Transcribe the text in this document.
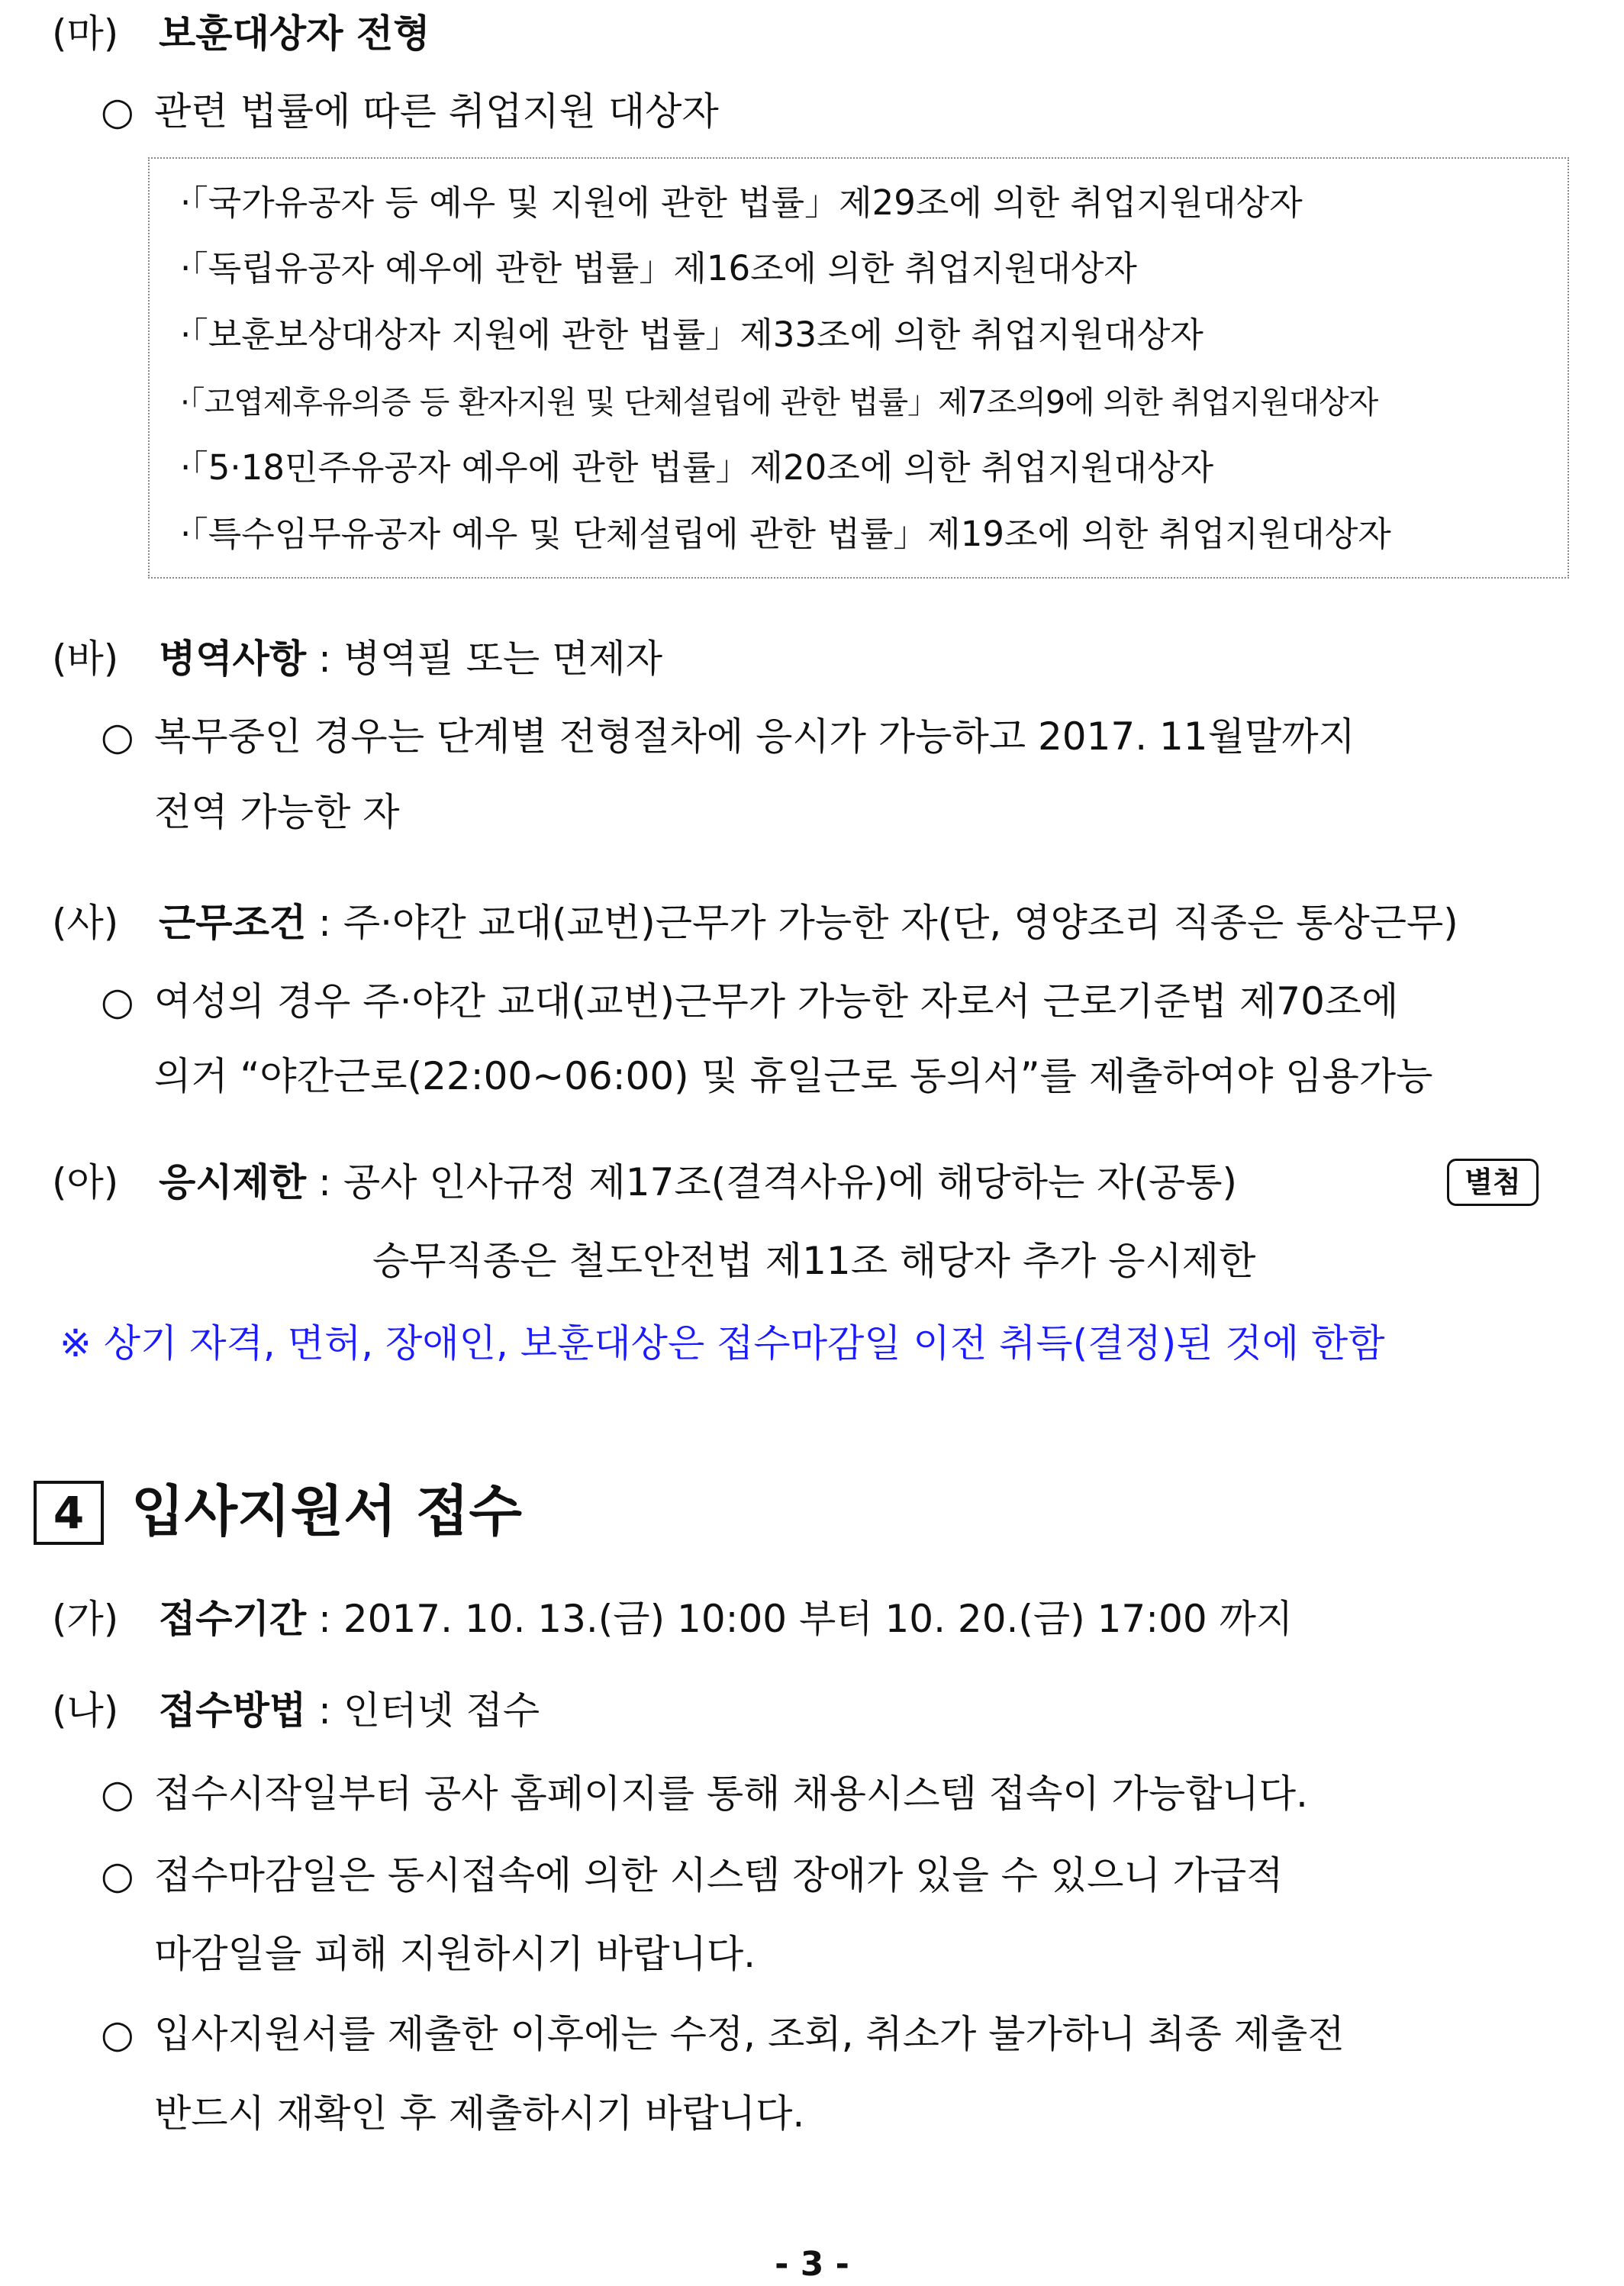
(마) 보훈대상자 전형
○ 관련 법률에 따른 취업지원 대상자
·「국가유공자 등 예우 및 지원에 관한 법률」제29조에 의한 취업지원대상자
·「독립유공자 예우에 관한 법률」제16조에 의한 취업지원대상자
·「보훈보상대상자 지원에 관한 법률」제33조에 의한 취업지원대상자
·「고엽제후유의증 등 환자지원 및 단체설립에 관한 법률」제7조의9에 의한 취업지원대상자
·「5·18민주유공자 예우에 관한 법률」제20조에 의한 취업지원대상자
·「특수임무유공자 예우 및 단체설립에 관한 법률」제19조에 의한 취업지원대상자
(바) 병역사항 : 병역필 또는 면제자
○ 복무중인 경우는 단계별 전형절차에 응시가 가능하고 2017. 11월말까지
전역 가능한 자
(사) 근무조건 : 주·야간 교대(교번)근무가 가능한 자(단, 영양조리 직종은 통상근무)
○ 여성의 경우 주·야간 교대(교번)근무가 가능한 자로서 근로기준법 제70조에
의거 “야간근로(22:00~06:00) 및 휴일근로 동의서”를 제출하여야 임용가능
(아) 응시제한 : 공사 인사규정 제17조(결격사유)에 해당하는 자(공통)	별첨
승무직종은 철도안전법 제11조 해당자 추가 응시제한
※ 상기 자격, 면허, 장애인, 보훈대상은 접수마감일 이전 취득(결정)된 것에 한함
4 입사지원서 접수
(가) 접수기간 : 2017. 10. 13.(금) 10:00 부터 10. 20.(금) 17:00 까지
(나) 접수방법 : 인터넷 접수
○ 접수시작일부터 공사 홈페이지를 통해 채용시스템 접속이 가능합니다.
○ 접수마감일은 동시접속에 의한 시스템 장애가 있을 수 있으니 가급적
마감일을 피해 지원하시기 바랍니다.
○ 입사지원서를 제출한 이후에는 수정, 조회, 취소가 불가하니 최종 제출전
반드시 재확인 후 제출하시기 바랍니다.
- 3 -
